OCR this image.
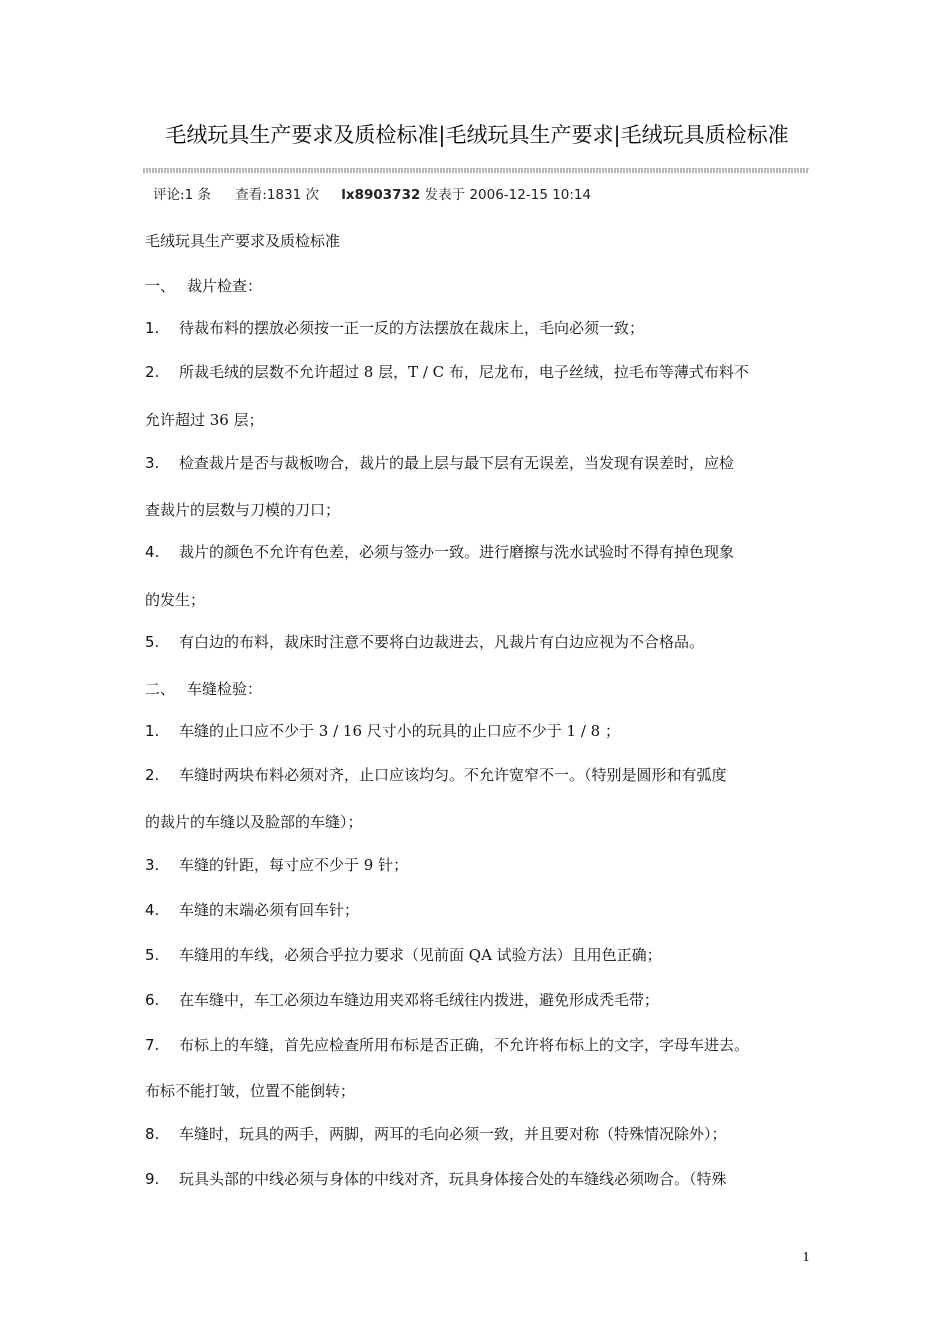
毛绒玩具生产要求及质检标准|毛绒玩具生产要求|毛绒玩具质检标准
评论:1 条 查看:1831 次 lx8903732 发表于 2006-12-15 10:14
毛绒玩具生产要求及质检标准
一、 裁片检查：
1. 待裁布料的摆放必须按一正一反的方法摆放在裁床上，毛向必须一致；
2. 所裁毛绒的层数不允许超过 8 层，T / C 布，尼龙布，电子丝绒，拉毛布等薄式布料不
允许超过 36 层；
3. 检查裁片是否与裁板吻合，裁片的最上层与最下层有无误差，当发现有误差时，应检
查裁片的层数与刀模的刀口；
4. 裁片的颜色不允许有色差，必须与签办一致。进行磨擦与洗水试验时不得有掉色现象
的发生；
5. 有白边的布料，裁床时注意不要将白边裁进去，凡裁片有白边应视为不合格品。
二、 车缝检验：
1. 车缝的止口应不少于 3 / 16 尺寸小的玩具的止口应不少于 1 / 8 ；
2. 车缝时两块布料必须对齐，止口应该均匀。不允许宽窄不一。（特别是圆形和有弧度
的裁片的车缝以及脸部的车缝）；
3. 车缝的针距，每寸应不少于 9 针；
4. 车缝的末端必须有回车针；
5. 车缝用的车线，必须合乎拉力要求（见前面 QA 试验方法）且用色正确；
6. 在车缝中，车工必须边车缝边用夹邓将毛绒往内拨进，避免形成秃毛带；
7. 布标上的车缝，首先应检查所用布标是否正确，不允许将布标上的文字，字母车进去。
布标不能打皱，位置不能倒转；
8. 车缝时，玩具的两手，两脚，两耳的毛向必须一致，并且要对称（特殊情况除外）；
9. 玩具头部的中线必须与身体的中线对齐，玩具身体接合处的车缝线必须吻合。（特殊
1
